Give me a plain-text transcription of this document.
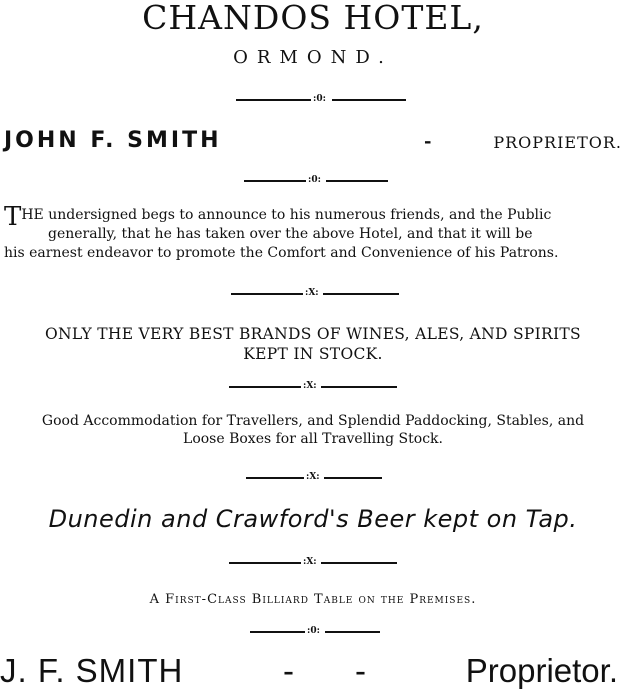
CHANDOS HOTEL,
ORMOND.
:0:
JOHN F. SMITH	-	PROPRIETOR.
:0:
THE undersigned begs to announce to his numerous friends, and the Public
generally, that he has taken over the above Hotel, and that it will be
his earnest endeavor to promote the Comfort and Convenience of his Patrons.
:X:
ONLY THE VERY BEST BRANDS OF WINES, ALES, AND SPIRITS
KEPT IN STOCK.
:X:
Good Accommodation for Travellers, and Splendid Paddocking, Stables, and
Loose Boxes for all Travelling Stock.
:X:
Dunedin and Crawford's Beer kept on Tap.
:X:
A First-Class Billiard Table on the Premises.
:0:
J. F. SMITH	- -	Proprietor.
